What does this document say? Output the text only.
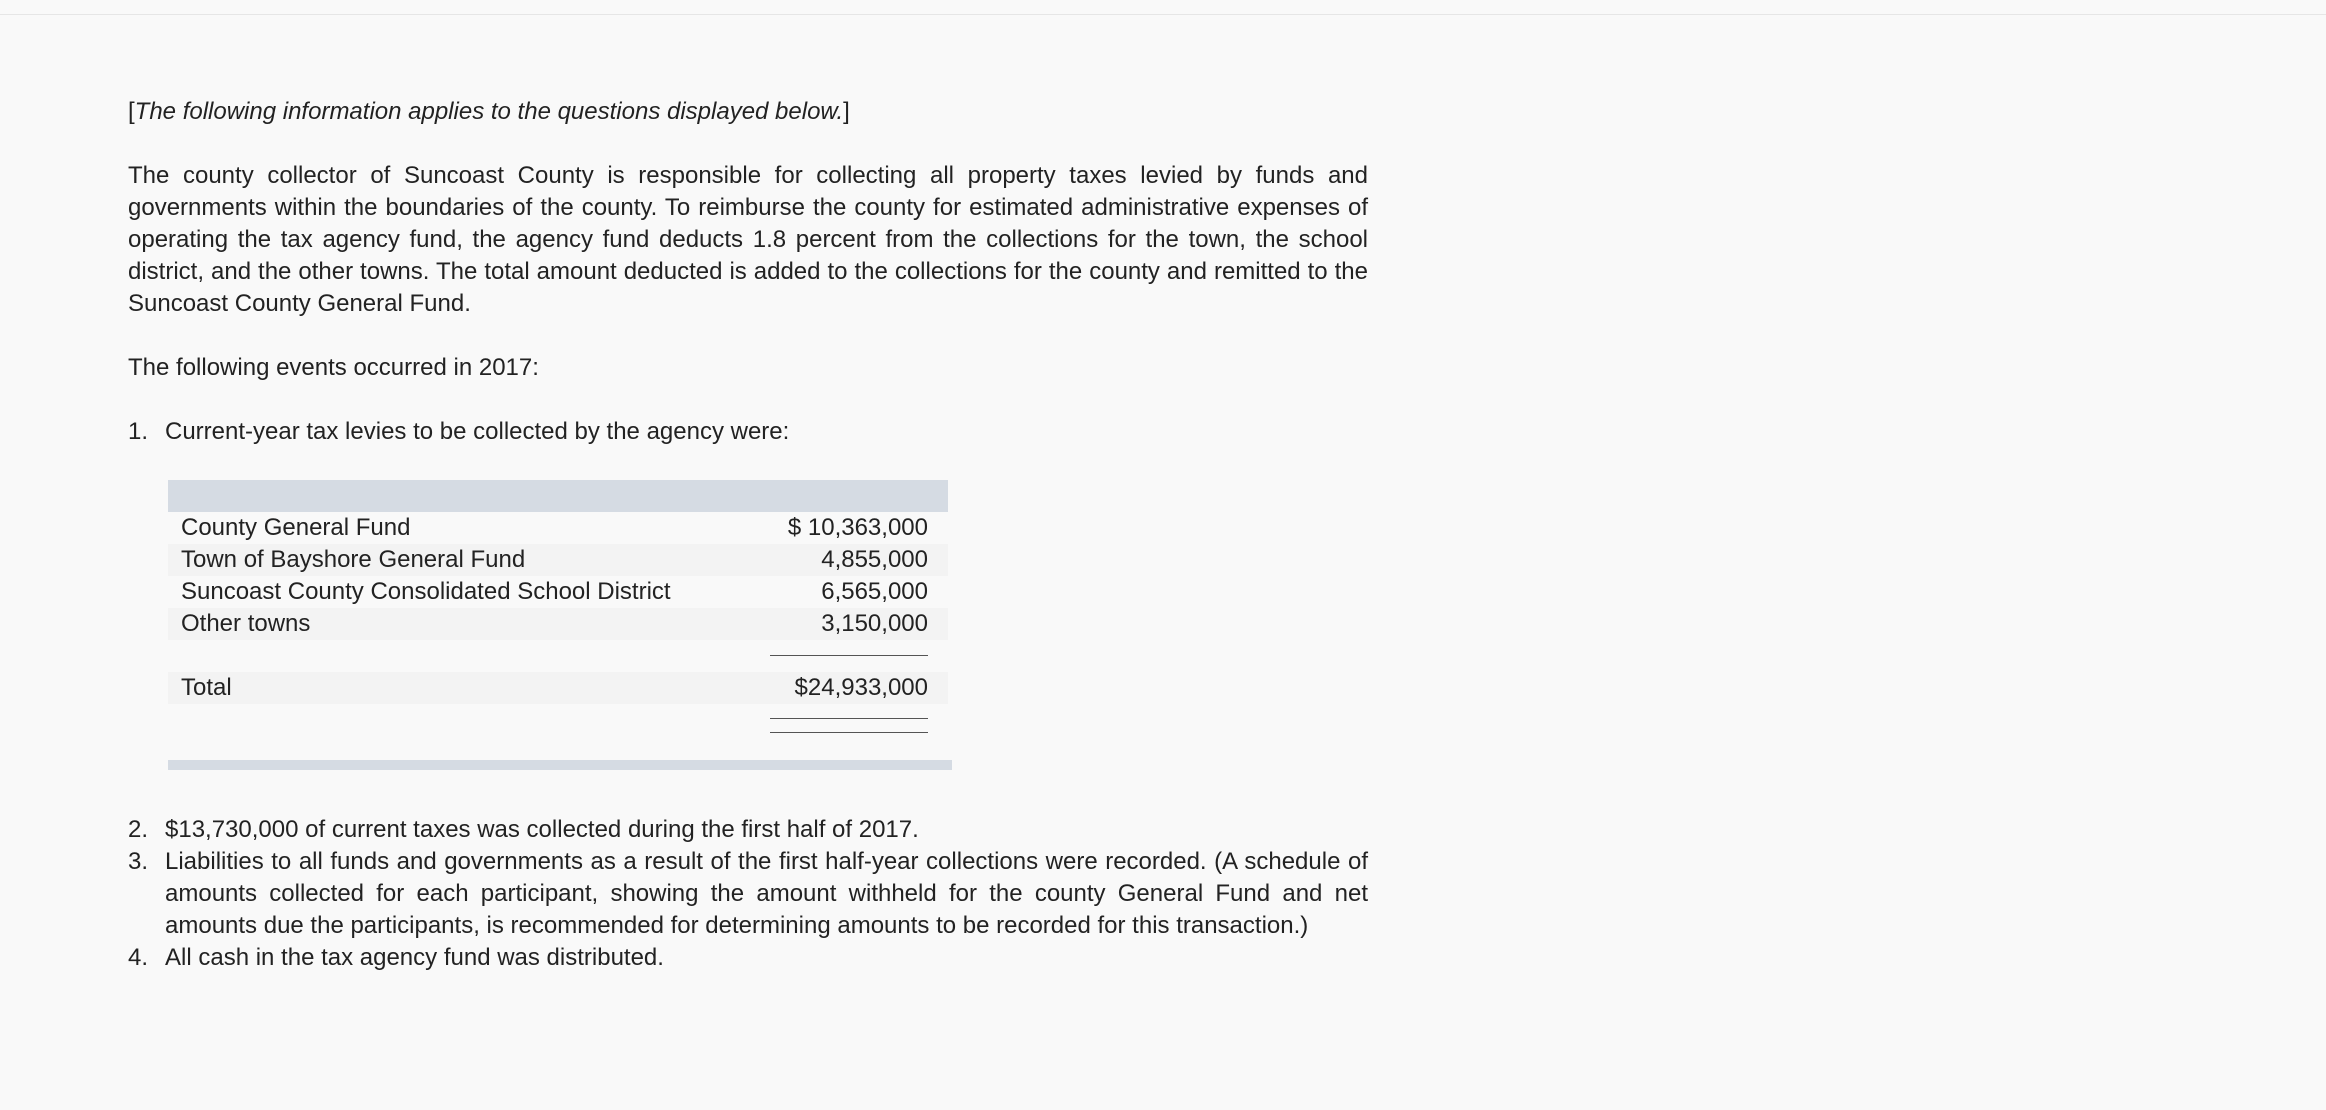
[The following information applies to the questions displayed below.]

The county collector of Suncoast County is responsible for collecting all property taxes levied by funds and governments within the boundaries of the county. To reimburse the county for estimated administrative expenses of operating the tax agency fund, the agency fund deducts 1.8 percent from the collections for the town, the school district, and the other towns. The total amount deducted is added to the collections for the county and remitted to the Suncoast County General Fund.

The following events occurred in 2017:

1. Current-year tax levies to be collected by the agency were:
County General Fund	$ 10,363,000
Town of Bayshore General Fund	4,855,000
Suncoast County Consolidated School District	6,565,000
Other towns	3,150,000
Total	$24,933,000
2. $13,730,000 of current taxes was collected during the first half of 2017.
3. Liabilities to all funds and governments as a result of the first half-year collections were recorded. (A schedule of amounts collected for each participant, showing the amount withheld for the county General Fund and net amounts due the participants, is recommended for determining amounts to be recorded for this transaction.)
4. All cash in the tax agency fund was distributed.
